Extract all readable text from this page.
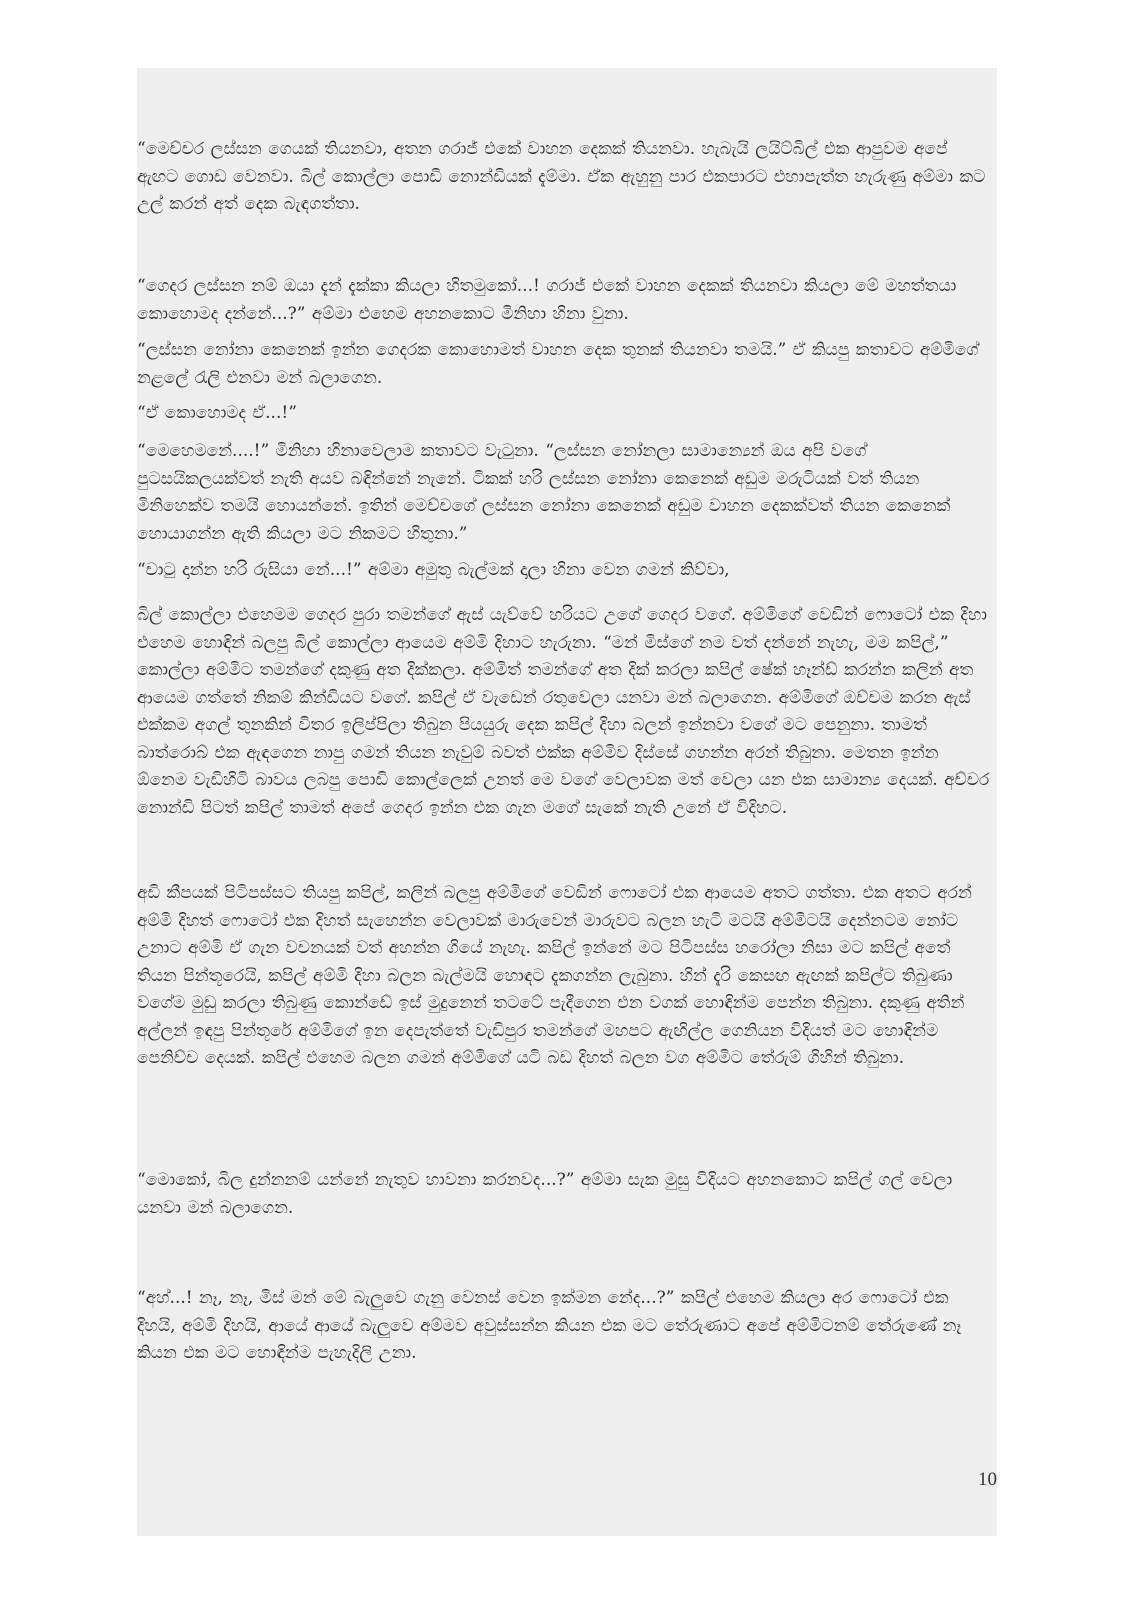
“මෙච්චර ලස්සන ගෙයක් තියනවා, අතන ගරාජ් එකේ වාහන දෙකක් තියනවා. හැබැයි ලයිට්බිල් එක ආපුවම අපේ ඇඟට ගොඩ වෙනවා. බිල් කොල්ලා පොඩි නොන්ඩියක් දැම්මා. ඒක ඇහුනු පාර එකපාරට එහාපැත්ත හැරුණු අම්මා කට උල් කරන් අත් දෙක බැඳගත්තා.

“ගෙදර ලස්සන නම් ඔයා දැන් දැක්කා කියලා හිතමුකෝ...! ගරාජ් එකේ වාහන දෙකක් තියනවා කියලා මේ මහත්තයා කොහොමද දන්නේ...?” අම්මා එහෙම අහනකොට මිනිහා හිනා වුනා.

“ලස්සන නෝනා කෙනෙක් ඉන්න ගෙදරක කොහොමත් වාහන දෙක තුනක් තියනවා තමයි.” ඒ කියපු කතාවට අම්මිගේ නළලේ රැලි එනවා මන් බලාගෙන.

“ඒ කොහොමද ඒ...!”

“මෙහෙමනේ....!” මිනිහා හිනාවෙලාම කතාවට වැටුනා. “ලස්සන නෝනලා සාමාන්‍යෙන් ඔය අපි වගේ පුටසයිකලයක්වත් නැති අයව බඳින්නේ නැනේ. ටිකක් හරි ලස්සන නෝනා කෙනෙක් අඩුම මරුටියක් වත් තියන මිනිහෙක්ව තමයි හොයන්නේ. ඉතින් මෙච්චගේ ලස්සන නෝනා කෙනෙක් අඩුම වාහන දෙකක්වත් තියන කෙනෙක් හොයාගන්න ඇති කියලා මට නිකමට හිතුනා.”

“චාටු දාන්න හරි රුසියා නේ...!” අම්මා අමුතු බැල්මක් දාලා හිනා වෙන ගමන් කිව්වා,

බිල් කොල්ලා එහෙමම ගෙදර පුරා තමන්ගේ ඇස් යැව්වේ හරියට උගේ ගෙදර වගේ. අම්මිගේ වෙඩින් ෆොටෝ එක දිහා එහෙම හොඳින් බලපු බිල් කොල්ලා ආයෙම අම්මි දිහාට හැරුනා. “මන් මිස්ගේ නම වත් දන්නේ නැහැ, මම කපිල්,” කොල්ලා අම්මිට තමන්ගේ දකුණු අත දික්කලා. අම්මිත් තමන්ගේ අත දික් කරලා කපිල් ෂේක් හෑන්ඩ් කරන්න කලින් අත ආයෙම ගත්තේ නිකම් කින්ඩියට වගේ. කපිල් ඒ වැඩෙන් රතුවෙලා යනවා මන් බලාගෙන. අම්මිගේ ඔච්චම කරන ඇස් එක්කම අගල් තුනකින් විතර ඉලිප්පිලා තිබුන පියයුරු දෙක කපිල් දිහා බලන් ඉන්නවා වගේ මට පෙනුනා. තාමත් බාත්රොබ් එක ඇඳගෙන නාපු ගමන් තියන නැවුම් බවත් එක්ක අම්මිව දිස්සේ ගහන්න අරන් තිබුනා. මෙතන ඉන්න ඕනෙම වැඩිහිටි බාවය ලබපු පොඩි කොල්ලෙක් උනත් මෙ වගේ වෙලාවක මත් වෙලා යන එක සාමාන්‍ය දෙයක්. අච්චර නොන්ඩි පිටත් කපිල් තාමත් අපේ ගෙදර ඉන්න එක ගැන මගේ සැකේ නැති උනේ ඒ විදිහට.

අඩි කීපයක් පිටිපස්සට තියපු කපිල්, කලින් බලපු අම්මිගේ වෙඩින් ෆොටෝ එක ආයෙම අතට ගත්තා. එක අතට අරන් අම්මි දිහත් ෆොටෝ එක දිහත් සැහෙන්න වෙලාවක් මාරුවෙන් මාරුවට බලන හැටි මටයි අම්මිටයි දෙන්නටම නෝට උනාට අම්මි ඒ ගැන වචනයක් වත් අහන්න ගියේ නැහැ. කපිල් ඉන්නේ මට පිටිපස්ස හරෝලා නිසා මට කපිල් අතේ තියන පින්තූරෙයි, කපිල් අම්මි දිහා බලන බැල්මයි හොඳට දැකගන්න ලැබුනා. හින් දැරි කෙසඟ ඇඟක් කපිල්ට තිබුණා වගේම මුඩු කරලා තිබුණු කොන්ඩේ ඉස් මුදුනෙන් තටටේ පැදීගෙන එන වගක් හොඳින්ම පෙන්න තිබුනා. දකුණු අතින් අල්ලන් ඉඳපු පින්තූරේ අම්මිගේ ඉන දෙපැත්තේ වැඩිපුර තමන්ගේ මහපට ඇඟිල්ල ගෙනියන විදියත් මට හොඳින්ම පෙනිච්ච දෙයක්. කපිල් එහෙම බලන ගමන් අම්මිගේ යටි බඩ දිහත් බලන වග අම්මිට තේරුම් ගිහින් තිබුනා.

“මොකෝ, බිල දුන්නනම් යන්නේ නැතුව හාවනා කරනවද...?” අම්මා සැක මුසු විදියට අහනකොට කපිල් ගල් වෙලා යනවා මන් බලාගෙන.

“අහ්...! නෑ, නෑ, මිස් මන් මේ බැලුවෙ ගැනු වෙනස් වෙන ඉක්මන නේද...?” කපිල් එහෙම කියලා අර ෆොටෝ එක දිහයි, අම්මි දිහයි, ආයේ ආයේ බැලුවෙ අම්මව අවුස්සන්න කියන එක මට තේරුණාට අපේ අම්මිටනම් තේරුණේ නෑ කියන එක මට හොඳින්ම පැහැදිලි උනා.

10
